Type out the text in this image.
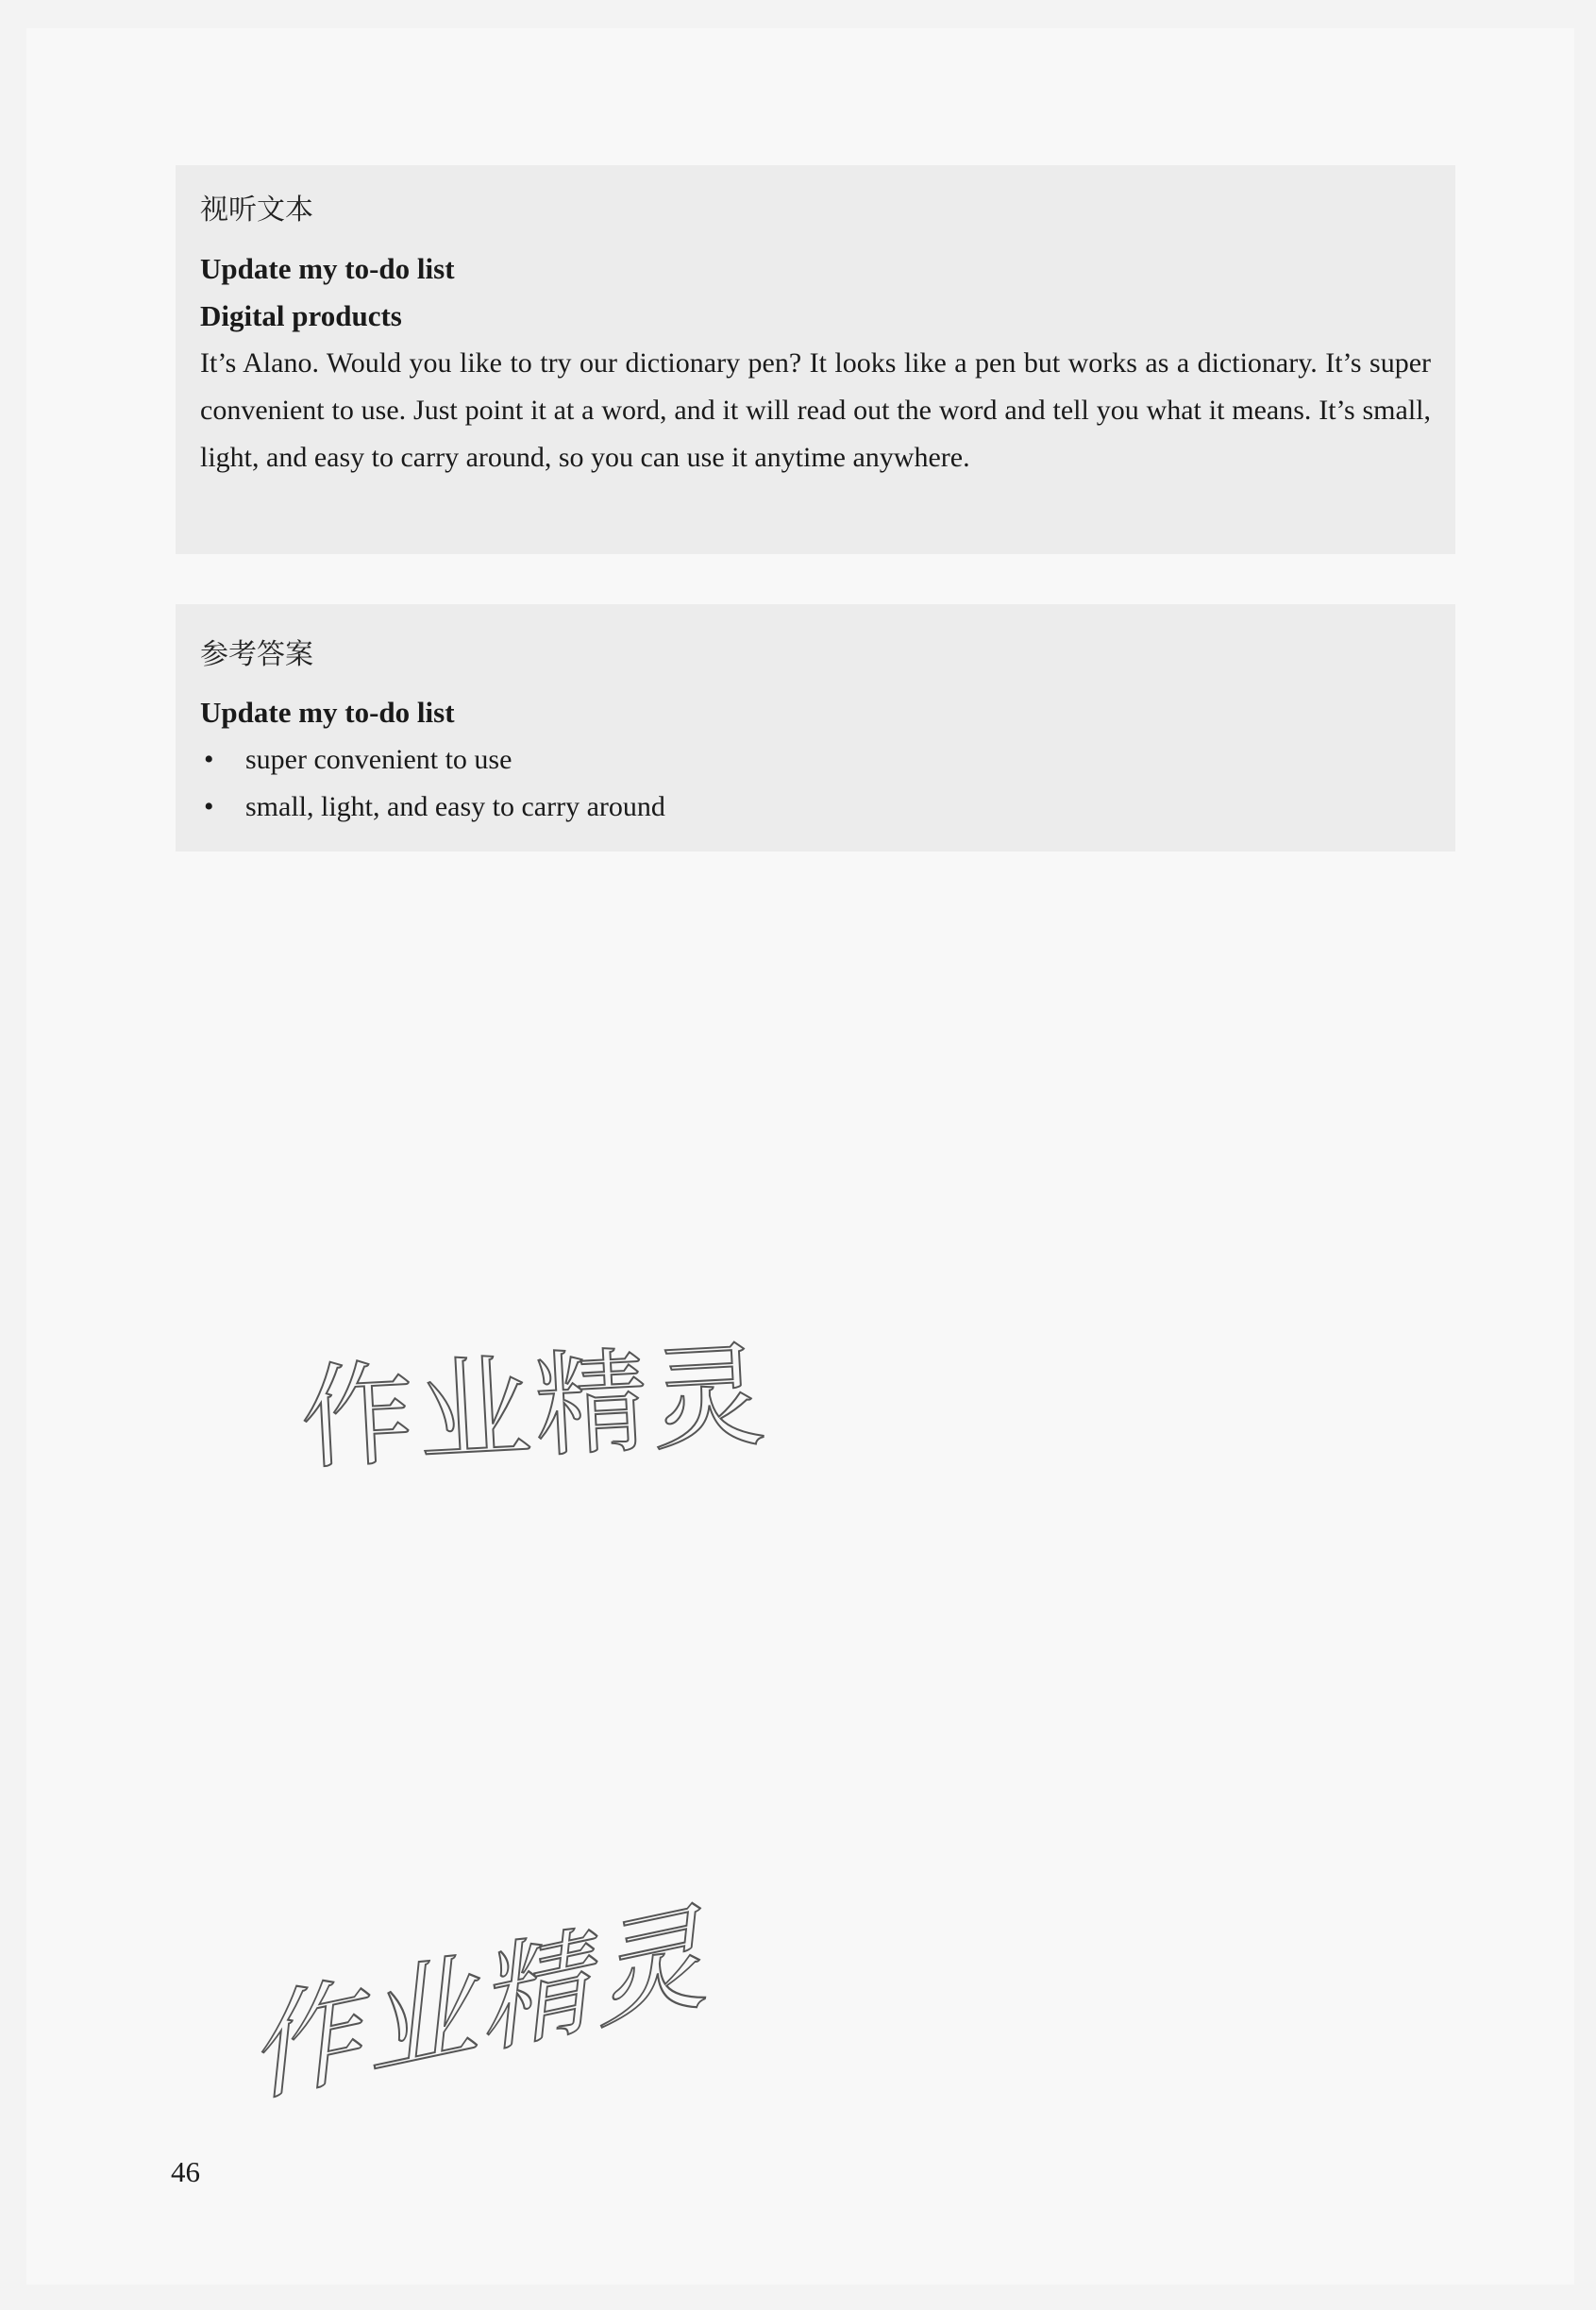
视听文本

Update my to-do list

Digital products

It’s Alano. Would you like to try our dictionary pen? It looks like a pen but works as a dictionary. It’s super convenient to use. Just point it at a word, and it will read out the word and tell you what it means. It’s small, light, and easy to carry around, so you can use it anytime anywhere.

参考答案

Update my to-do list

• super convenient to use
• small, light, and easy to carry around
作业精灵
作业精灵
46
